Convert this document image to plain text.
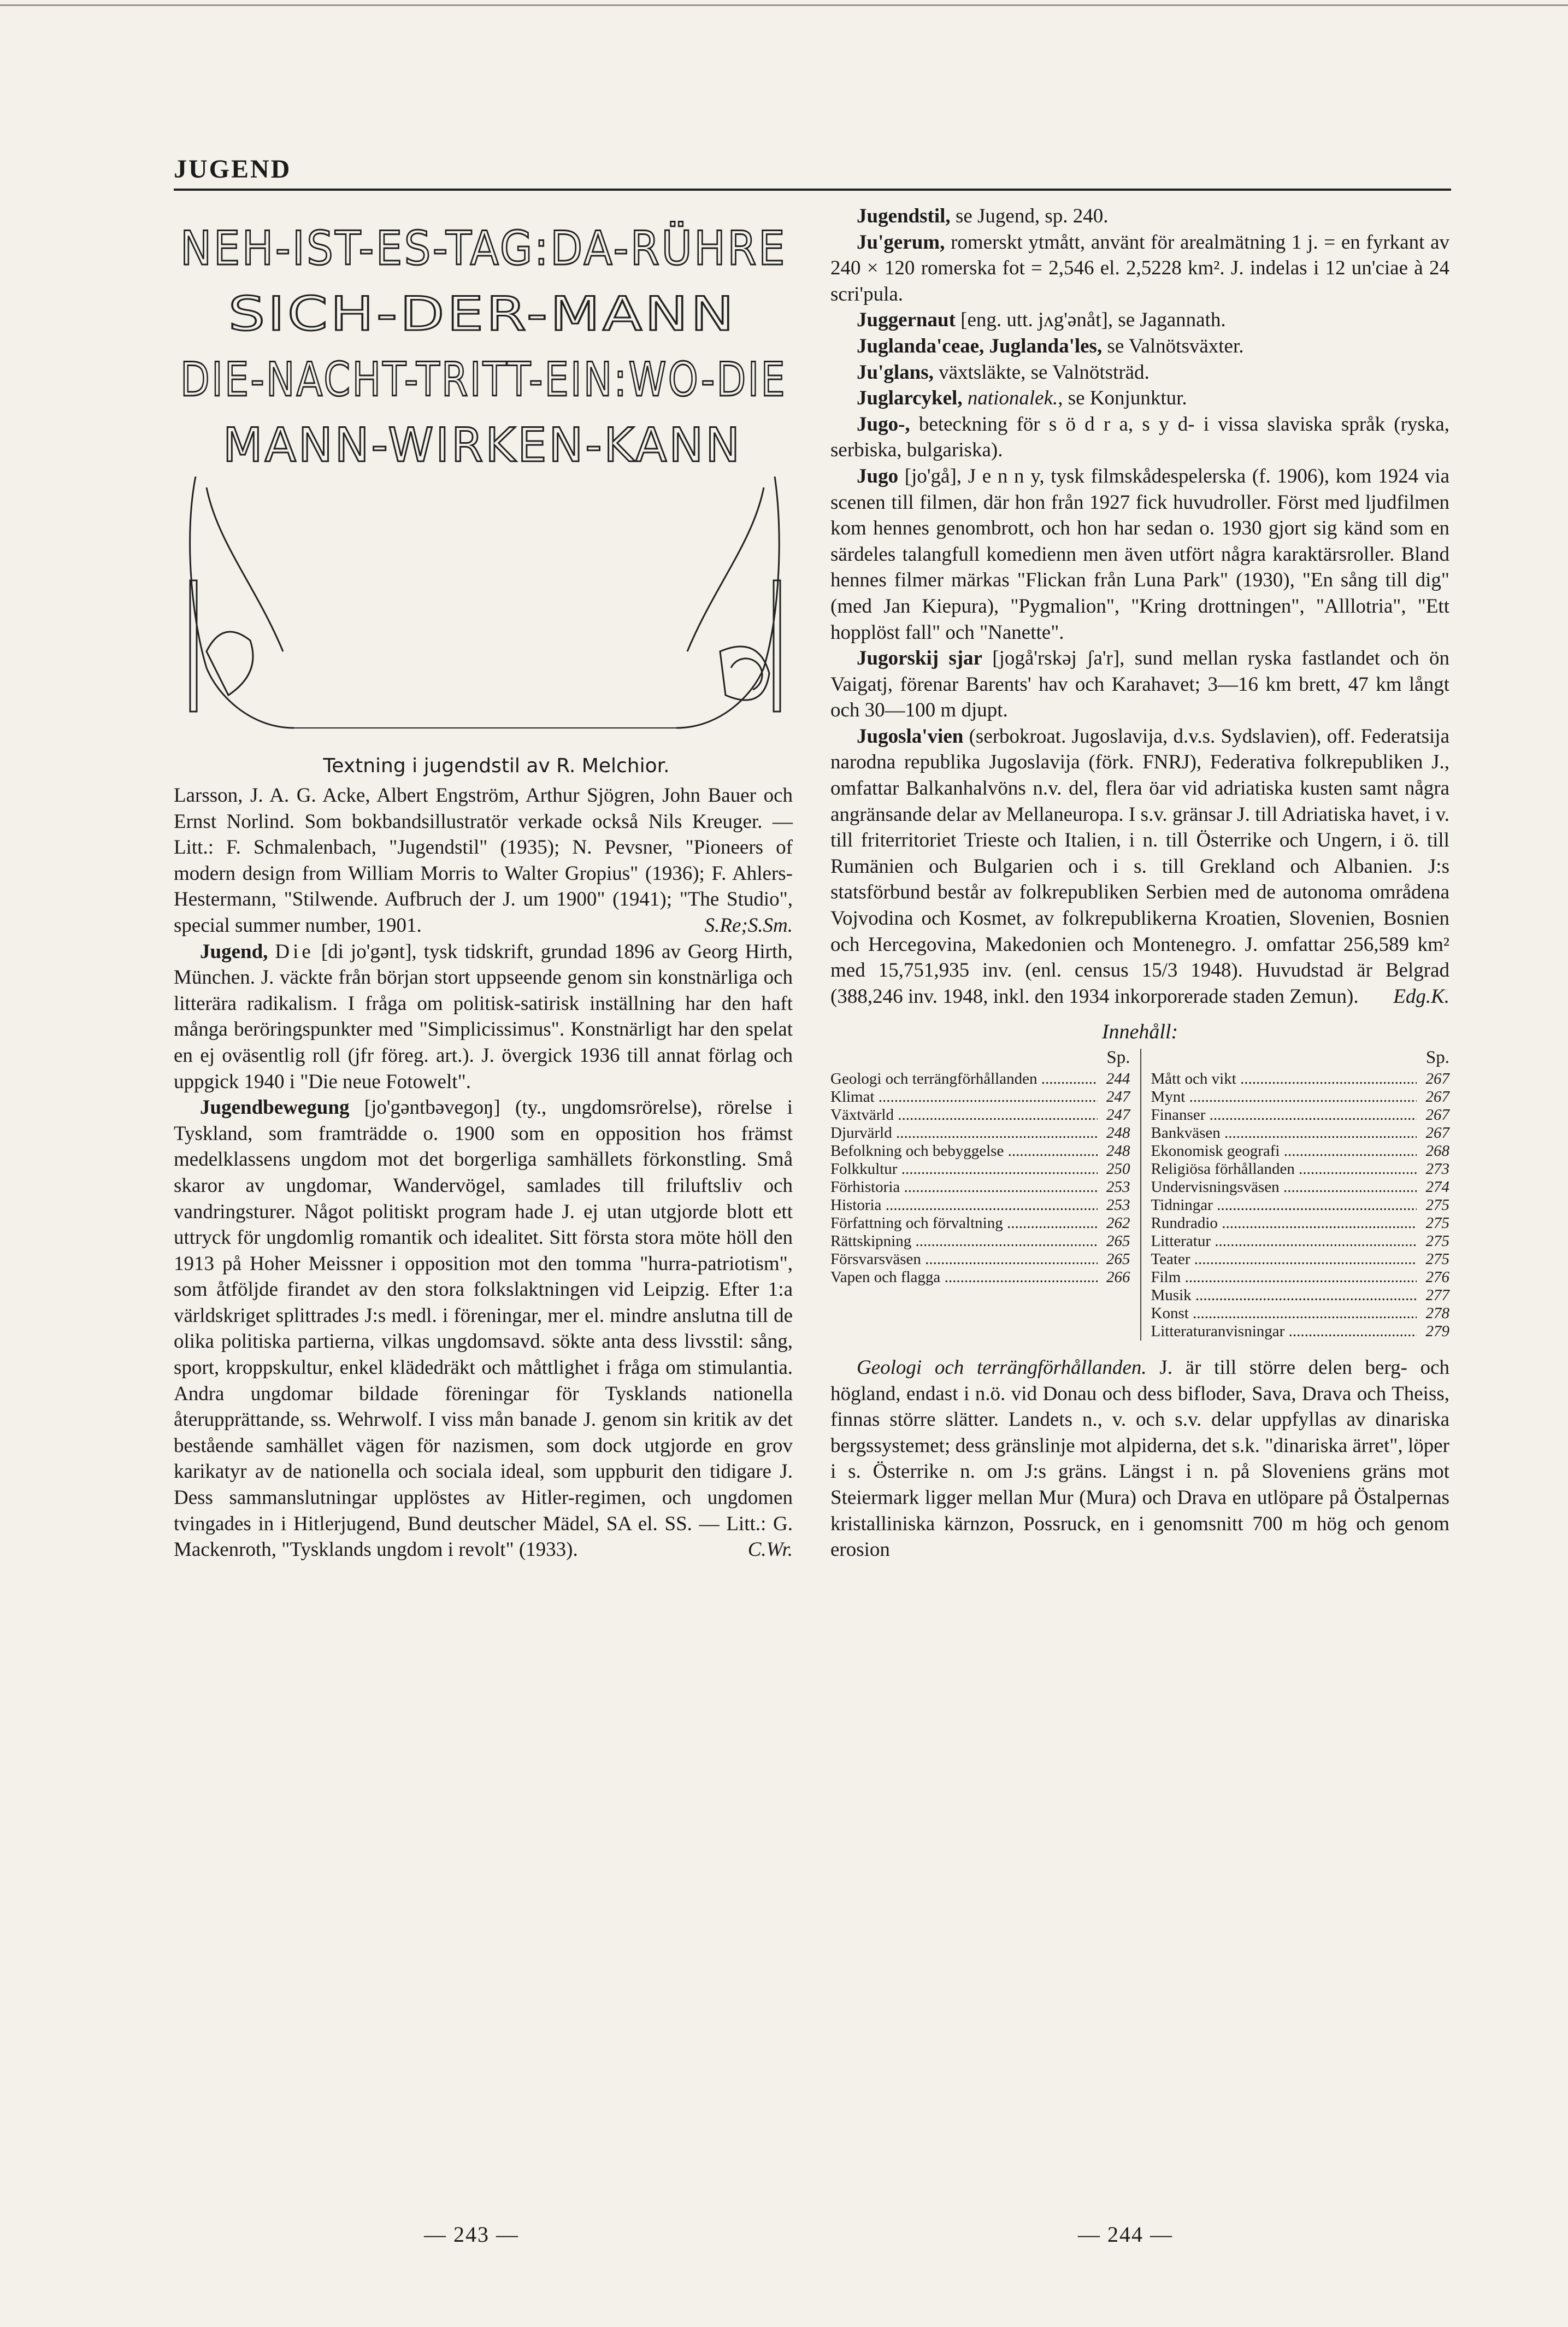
JUGEND
NEH-IST-ES-TAG:DA-RÜHRE
SICH-DER-MANN
DIE-NACHT-TRITT-EIN:WO-DIE
MANN-WIRKEN-KANN

Textning i jugendstil av R. Melchior.

Larsson, J. A. G. Acke, Albert Engström, Arthur Sjögren, John Bauer och Ernst Norlind. Som bokbandsillustratör verkade också Nils Kreuger. — Litt.: F. Schmalenbach, "Jugendstil" (1935); N. Pevsner, "Pioneers of modern design from William Morris to Walter Gropius" (1936); F. Ahlers-Hestermann, "Stilwende. Aufbruch der J. um 1900" (1941); "The Studio", special summer number, 1901.	S.Re;S.Sm.

Jugend, Die [di jo'gənt], tysk tidskrift, grundad 1896 av Georg Hirth, München. J. väckte från början stort uppseende genom sin konstnärliga och litterära radikalism. I fråga om politisk-satirisk inställning har den haft många beröringspunkter med "Simplicissimus". Konstnärligt har den spelat en ej oväsentlig roll (jfr föreg. art.). J. övergick 1936 till annat förlag och uppgick 1940 i "Die neue Fotowelt".

Jugendbewegung [jo'gəntbəvegoŋ] (ty., ungdomsrörelse), rörelse i Tyskland, som framträdde o. 1900 som en opposition hos främst medelklassens ungdom mot det borgerliga samhällets förkonstling. Små skaror av ungdomar, Wandervögel, samlades till friluftsliv och vandringsturer. Något politiskt program hade J. ej utan utgjorde blott ett uttryck för ungdomlig romantik och idealitet. Sitt första stora möte höll den 1913 på Hoher Meissner i opposition mot den tomma "hurra-patriotism", som åtföljde firandet av den stora folkslaktningen vid Leipzig. Efter 1:a världskriget splittrades J:s medl. i föreningar, mer el. mindre anslutna till de olika politiska partierna, vilkas ungdomsavd. sökte anta dess livsstil: sång, sport, kroppskultur, enkel klädedräkt och måttlighet i fråga om stimulantia. Andra ungdomar bildade föreningar för Tysklands nationella återupprättande, ss. Wehrwolf. I viss mån banade J. genom sin kritik av det bestående samhället vägen för nazismen, som dock utgjorde en grov karikatyr av de nationella och sociala ideal, som uppburit den tidigare J. Dess sammanslutningar upplöstes av Hitler-regimen, och ungdomen tvingades in i Hitlerjugend, Bund deutscher Mädel, SA el. SS. — Litt.: G. Mackenroth, "Tysklands ungdom i revolt" (1933).	C.Wr.

Jugendstil, se Jugend, sp. 240.

Ju'gerum, romerskt ytmått, använt för arealmätning 1 j. = en fyrkant av 240 × 120 romerska fot = 2,546 el. 2,5228 km². J. indelas i 12 un'ciae à 24 scri'pula.

Juggernaut [eng. utt. jʌg'ənåt], se Jagannath.

Juglanda'ceae, Juglanda'les, se Valnötsväxter.

Ju'glans, växtsläkte, se Valnötsträd.

Juglarcykel, nationalek., se Konjunktur.

Jugo-, beteckning för s ö d r a, s y d- i vissa slaviska språk (ryska, serbiska, bulgariska).

Jugo [jo'gå], J e n n y, tysk filmskådespelerska (f. 1906), kom 1924 via scenen till filmen, där hon från 1927 fick huvudroller. Först med ljudfilmen kom hennes genombrott, och hon har sedan o. 1930 gjort sig känd som en särdeles talangfull komedienn men även utfört några karaktärsroller. Bland hennes filmer märkas "Flickan från Luna Park" (1930), "En sång till dig" (med Jan Kiepura), "Pygmalion", "Kring drottningen", "Alllotria", "Ett hopplöst fall" och "Nanette".

Jugorskij sjar [jogå'rskəj ʃa'r], sund mellan ryska fastlandet och ön Vaigatj, förenar Barents' hav och Karahavet; 3—16 km brett, 47 km långt och 30—100 m djupt.

Jugosla'vien (serbokroat. Jugoslavija, d.v.s. Sydslavien), off. Federatsija narodna republika Jugoslavija (förk. FNRJ), Federativa folkrepubliken J., omfattar Balkanhalvöns n.v. del, flera öar vid adriatiska kusten samt några angränsande delar av Mellaneuropa. I s.v. gränsar J. till Adriatiska havet, i v. till friterritoriet Trieste och Italien, i n. till Österrike och Ungern, i ö. till Rumänien och Bulgarien och i s. till Grekland och Albanien. J:s statsförbund består av folkrepubliken Serbien med de autonoma områdena Vojvodina och Kosmet, av folkrepublikerna Kroatien, Slovenien, Bosnien och Hercegovina, Makedonien och Montenegro. J. omfattar 256,589 km² med 15,751,935 inv. (enl. census 15/3 1948). Huvudstad är Belgrad (388,246 inv. 1948, inkl. den 1934 inkorporerade staden Zemun).	Edg.K.

Innehåll:
Sp.
Geologi och terrängförhållanden .....	244
Klimat .....	247
Växtvärld .....	247
Djurvärld .....	248
Befolkning och bebyggelse .....	248
Folkkultur .....	250
Förhistoria .....	253
Historia .....	253
Författning och förvaltning .....	262
Rättskipning .....	265
Försvarsväsen .....	265
Vapen och flagga .....	266
Sp.
Mått och vikt .....	267
Mynt .....	267
Finanser .....	267
Bankväsen .....	267
Ekonomisk geografi .....	268
Religiösa förhållanden .....	273
Undervisningsväsen .....	274
Tidningar .....	275
Rundradio .....	275
Litteratur .....	275
Teater .....	275
Film .....	276
Musik .....	277
Konst .....	278
Litteraturanvisningar .....	279

Geologi och terrängförhållanden. J. är till större delen berg- och högland, endast i n.ö. vid Donau och dess bifloder, Sava, Drava och Theiss, finnas större slätter. Landets n., v. och s.v. delar uppfyllas av dinariska bergssystemet; dess gränslinje mot alpiderna, det s.k. "dinariska ärret", löper i s. Österrike n. om J:s gräns. Längst i n. på Sloveniens gräns mot Steiermark ligger mellan Mur (Mura) och Drava en utlöpare på Östalpernas kristalliniska kärnzon, Possruck, en i genomsnitt 700 m hög och genom erosion

— 243 —	— 244 —
